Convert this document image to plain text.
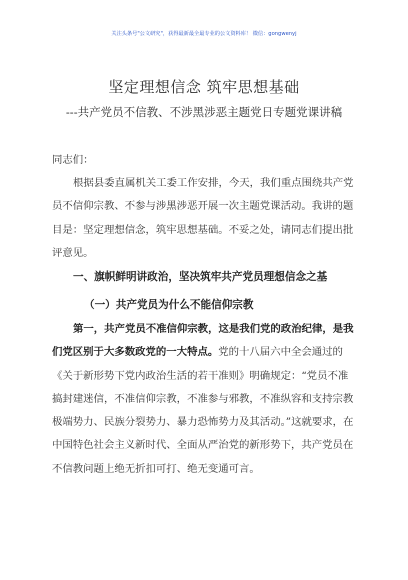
关注头条号"公文研究"，获得最新最全最专业的公文资料库！ 微信：gongwenyj
坚定理想信念 筑牢思想基础
---共产党员不信教、不涉黑涉恶主题党日专题党课讲稿
同志们：
根据县委直属机关工委工作安排，今天，我们重点围绕共产党员不信仰宗教、不参与涉黑涉恶开展一次主题党课活动。我讲的题目是：坚定理想信念，筑牢思想基础。不妥之处，请同志们提出批评意见。
一、旗帜鲜明讲政治，坚决筑牢共产党员理想信念之基
（一）共产党员为什么不能信仰宗教
第一，共产党员不准信仰宗教，这是我们党的政治纪律，是我们党区别于大多数政党的一大特点。党的十八届六中全会通过的《关于新形势下党内政治生活的若干准则》明确规定：“党员不准搞封建迷信，不准信仰宗教，不准参与邪教，不准纵容和支持宗教极端势力、民族分裂势力、暴力恐怖势力及其活动。”这就要求，在中国特色社会主义新时代、全面从严治党的新形势下，共产党员在不信教问题上绝无折扣可打、绝无变通可言。
